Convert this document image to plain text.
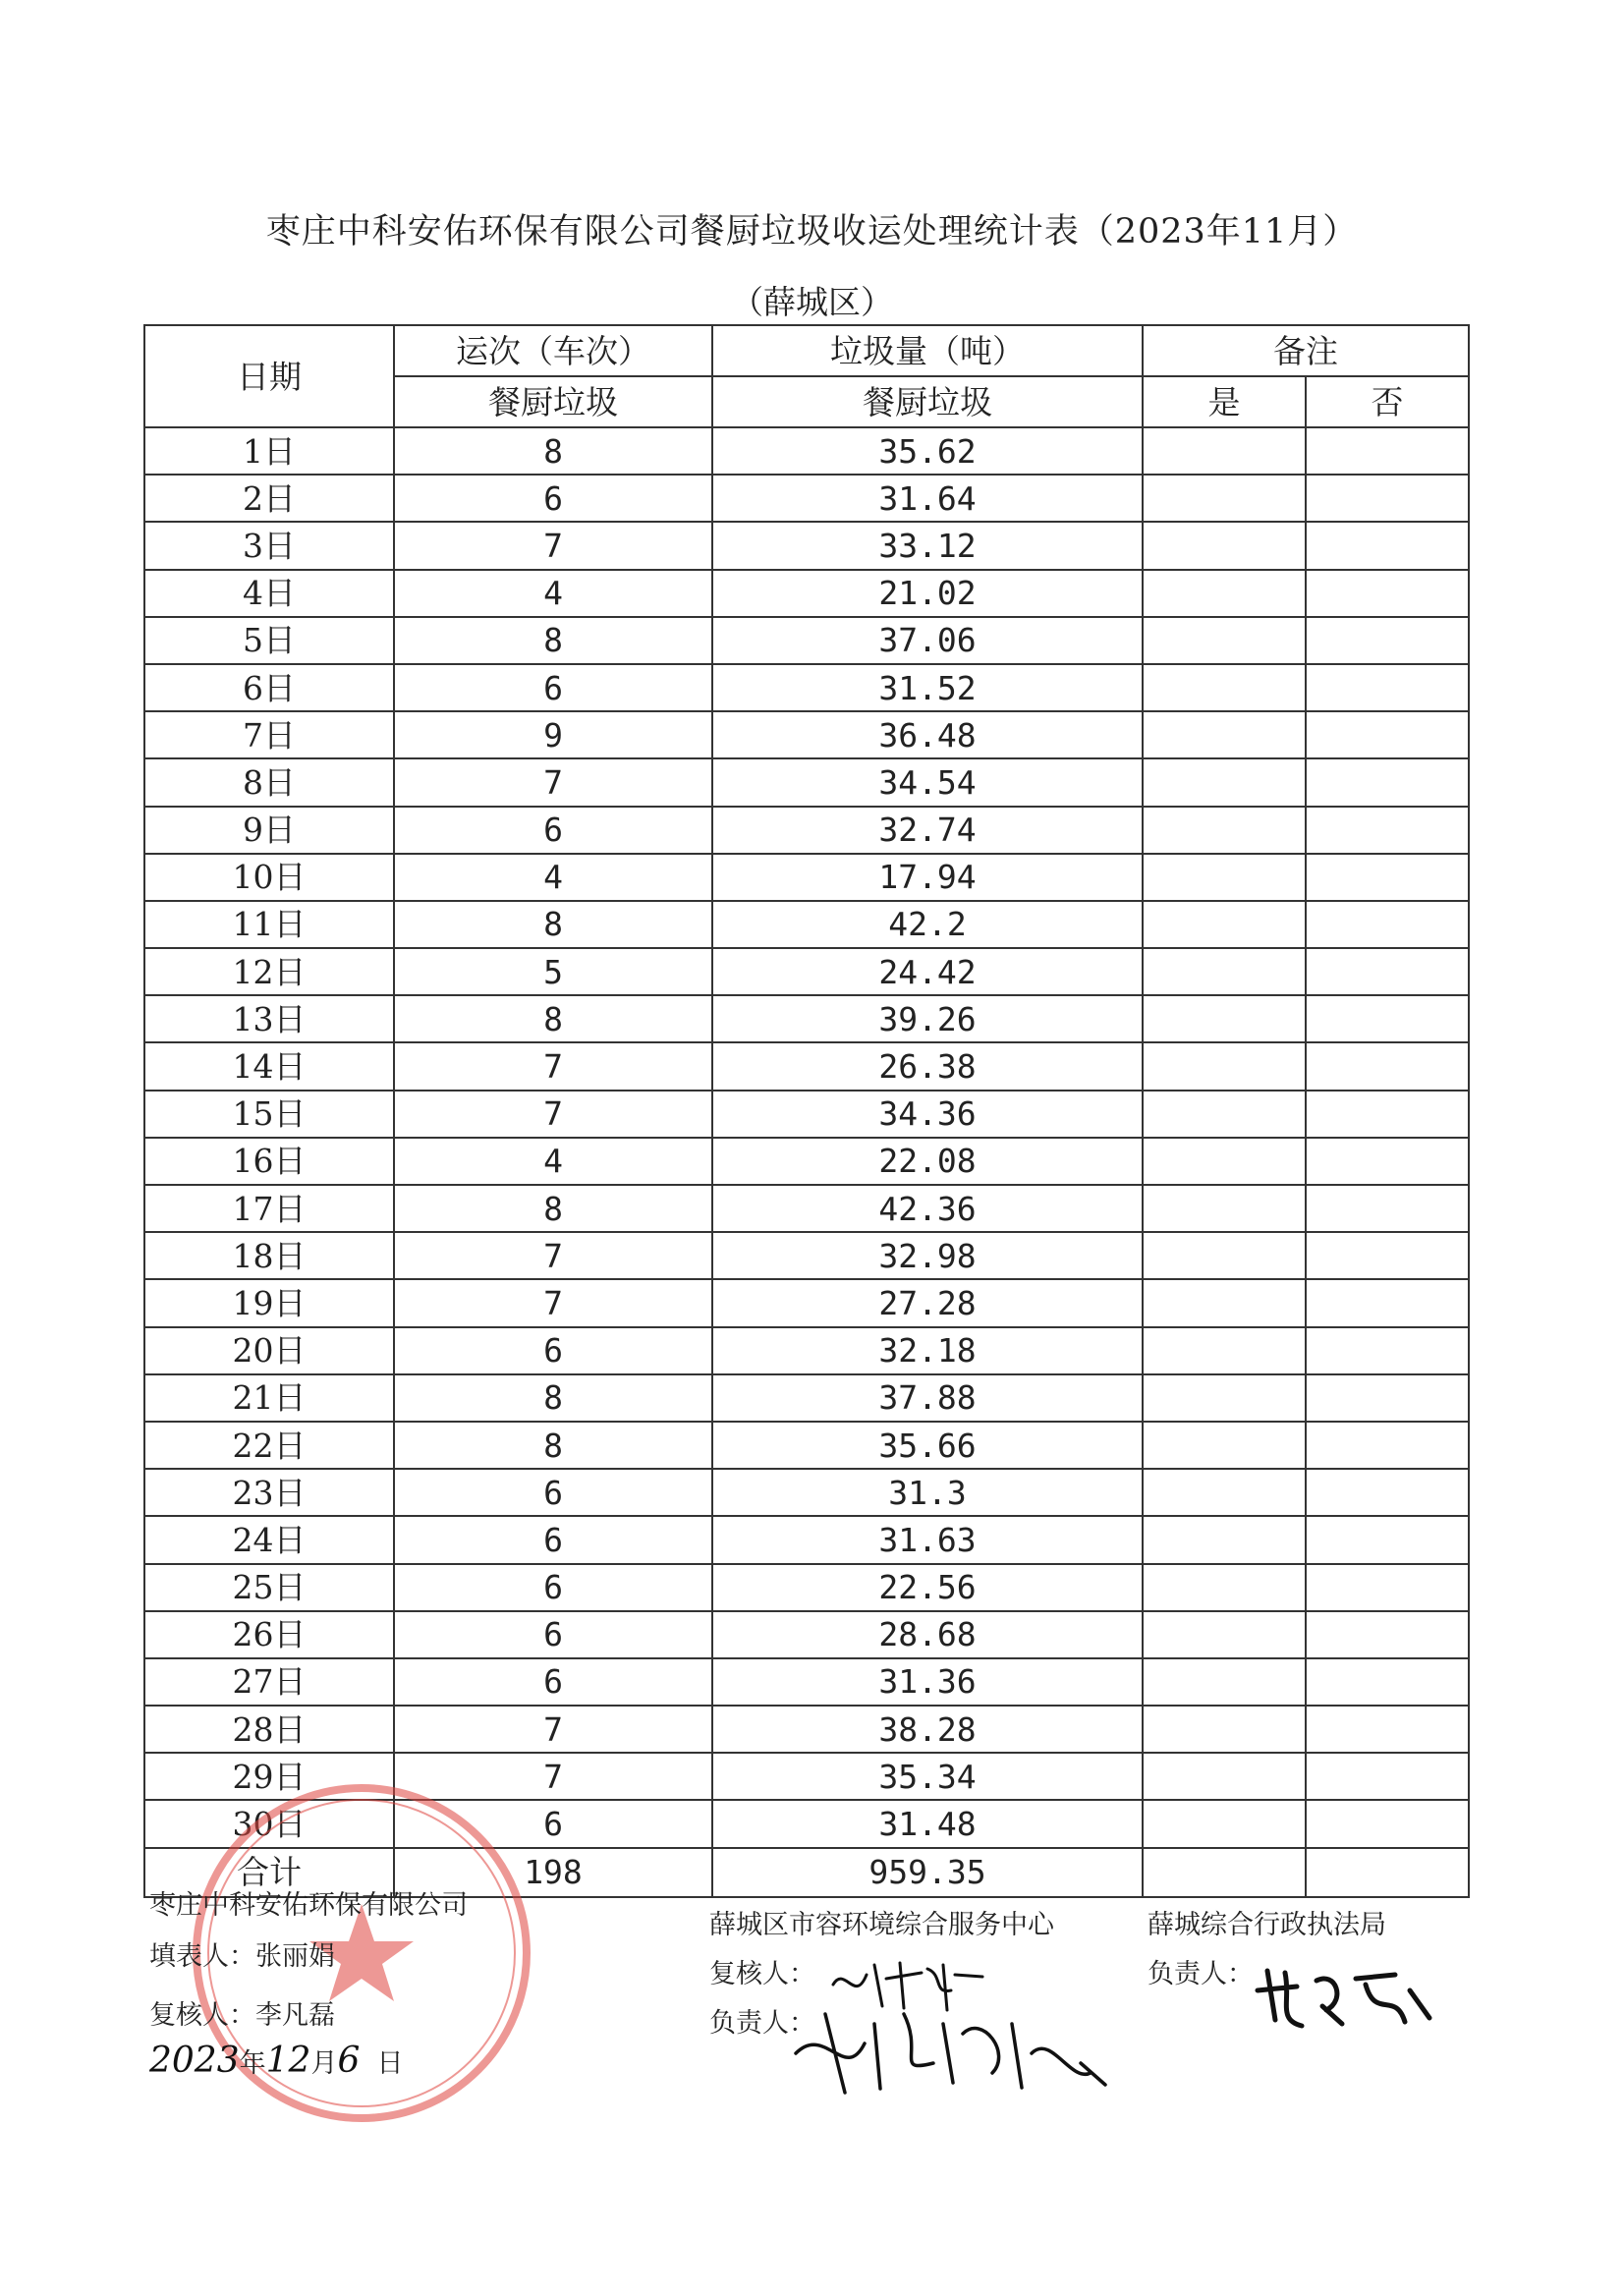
枣庄中科安佑环保有限公司餐厨垃圾收运处理统计表（2023年11月）
（薛城区）
日期	运次（车次）	垃圾量（吨）	备注	
	餐厨垃圾	餐厨垃圾	是	否
1日	8	35.62		
2日	6	31.64		
3日	7	33.12		
4日	4	21.02		
5日	8	37.06		
6日	6	31.52		
7日	9	36.48		
8日	7	34.54		
9日	6	32.74		
10日	4	17.94		
11日	8	42.2		
12日	5	24.42		
13日	8	39.26		
14日	7	26.38		
15日	7	34.36		
16日	4	22.08		
17日	8	42.36		
18日	7	32.98		
19日	7	27.28		
20日	6	32.18		
21日	8	37.88		
22日	8	35.66		
23日	6	31.3		
24日	6	31.63		
25日	6	22.56		
26日	6	28.68		
27日	6	31.36		
28日	7	38.28		
29日	7	35.34		
30日	6	31.48		
合计	198	959.35		
枣庄中科安佑环保有限公司
填表人：张丽娟
复核人：李凡磊
2023年12月6 日
薛城区市容环境综合服务中心
复核人：
负责人：
薛城综合行政执法局
负责人：
